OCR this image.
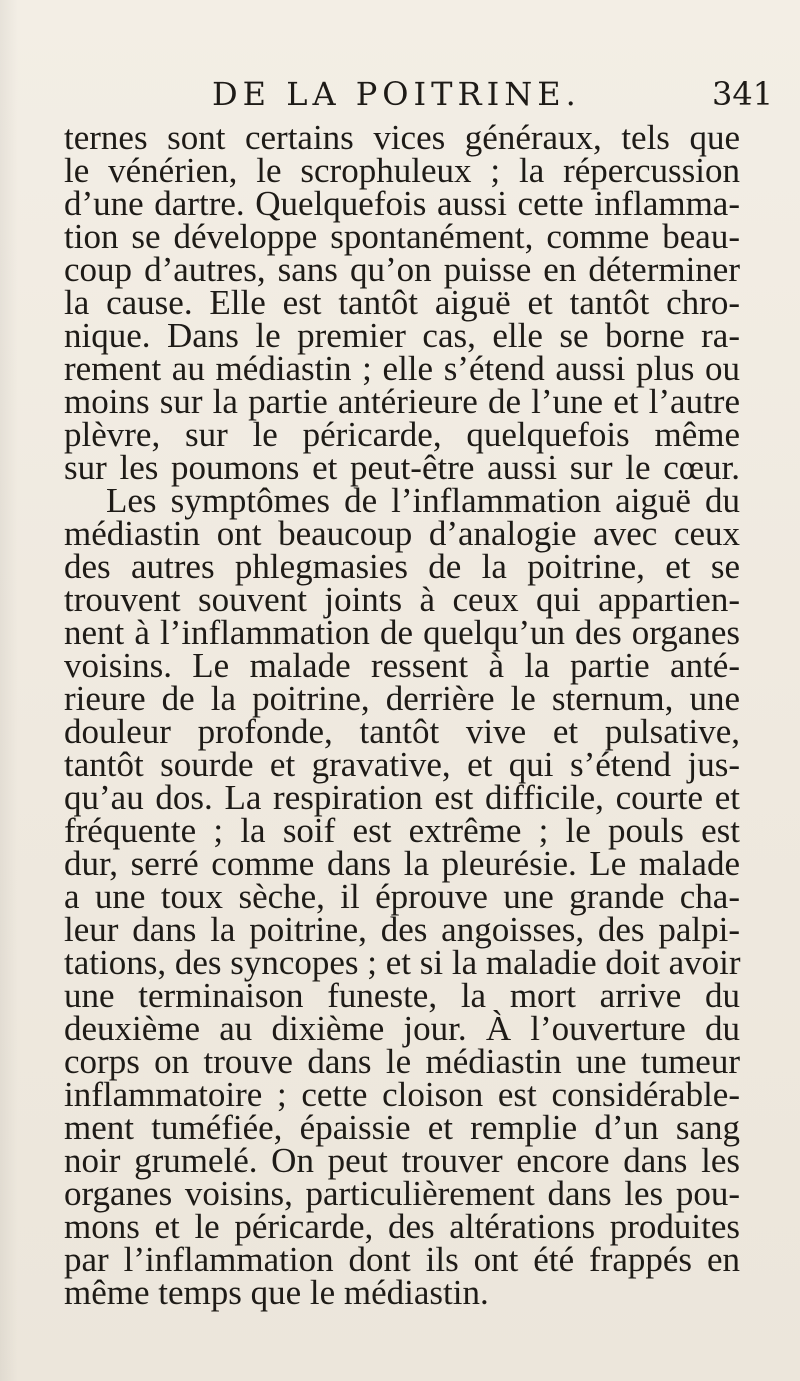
DE LA POITRINE.	341
ternes sont certains vices généraux, tels que
le vénérien, le scrophuleux ; la répercussion
d’une dartre. Quelquefois aussi cette inflamma-
tion se développe spontanément, comme beau-
coup d’autres, sans qu’on puisse en déterminer
la cause. Elle est tantôt aiguë et tantôt chro-
nique. Dans le premier cas, elle se borne ra-
rement au médiastin ; elle s’étend aussi plus ou
moins sur la partie antérieure de l’une et l’autre
plèvre, sur le péricarde, quelquefois même
sur les poumons et peut-être aussi sur le cœur.
Les symptômes de l’inflammation aiguë du
médiastin ont beaucoup d’analogie avec ceux
des autres phlegmasies de la poitrine, et se
trouvent souvent joints à ceux qui appartien-
nent à l’inflammation de quelqu’un des organes
voisins. Le malade ressent à la partie anté-
rieure de la poitrine, derrière le sternum, une
douleur profonde, tantôt vive et pulsative,
tantôt sourde et gravative, et qui s’étend jus-
qu’au dos. La respiration est difficile, courte et
fréquente ; la soif est extrême ; le pouls est
dur, serré comme dans la pleurésie. Le malade
a une toux sèche, il éprouve une grande cha-
leur dans la poitrine, des angoisses, des palpi-
tations, des syncopes ; et si la maladie doit avoir
une terminaison funeste, la mort arrive du
deuxième au dixième jour. À l’ouverture du
corps on trouve dans le médiastin une tumeur
inflammatoire ; cette cloison est considérable-
ment tuméfiée, épaissie et remplie d’un sang
noir grumelé. On peut trouver encore dans les
organes voisins, particulièrement dans les pou-
mons et le péricarde, des altérations produites
par l’inflammation dont ils ont été frappés en
même temps que le médiastin.
